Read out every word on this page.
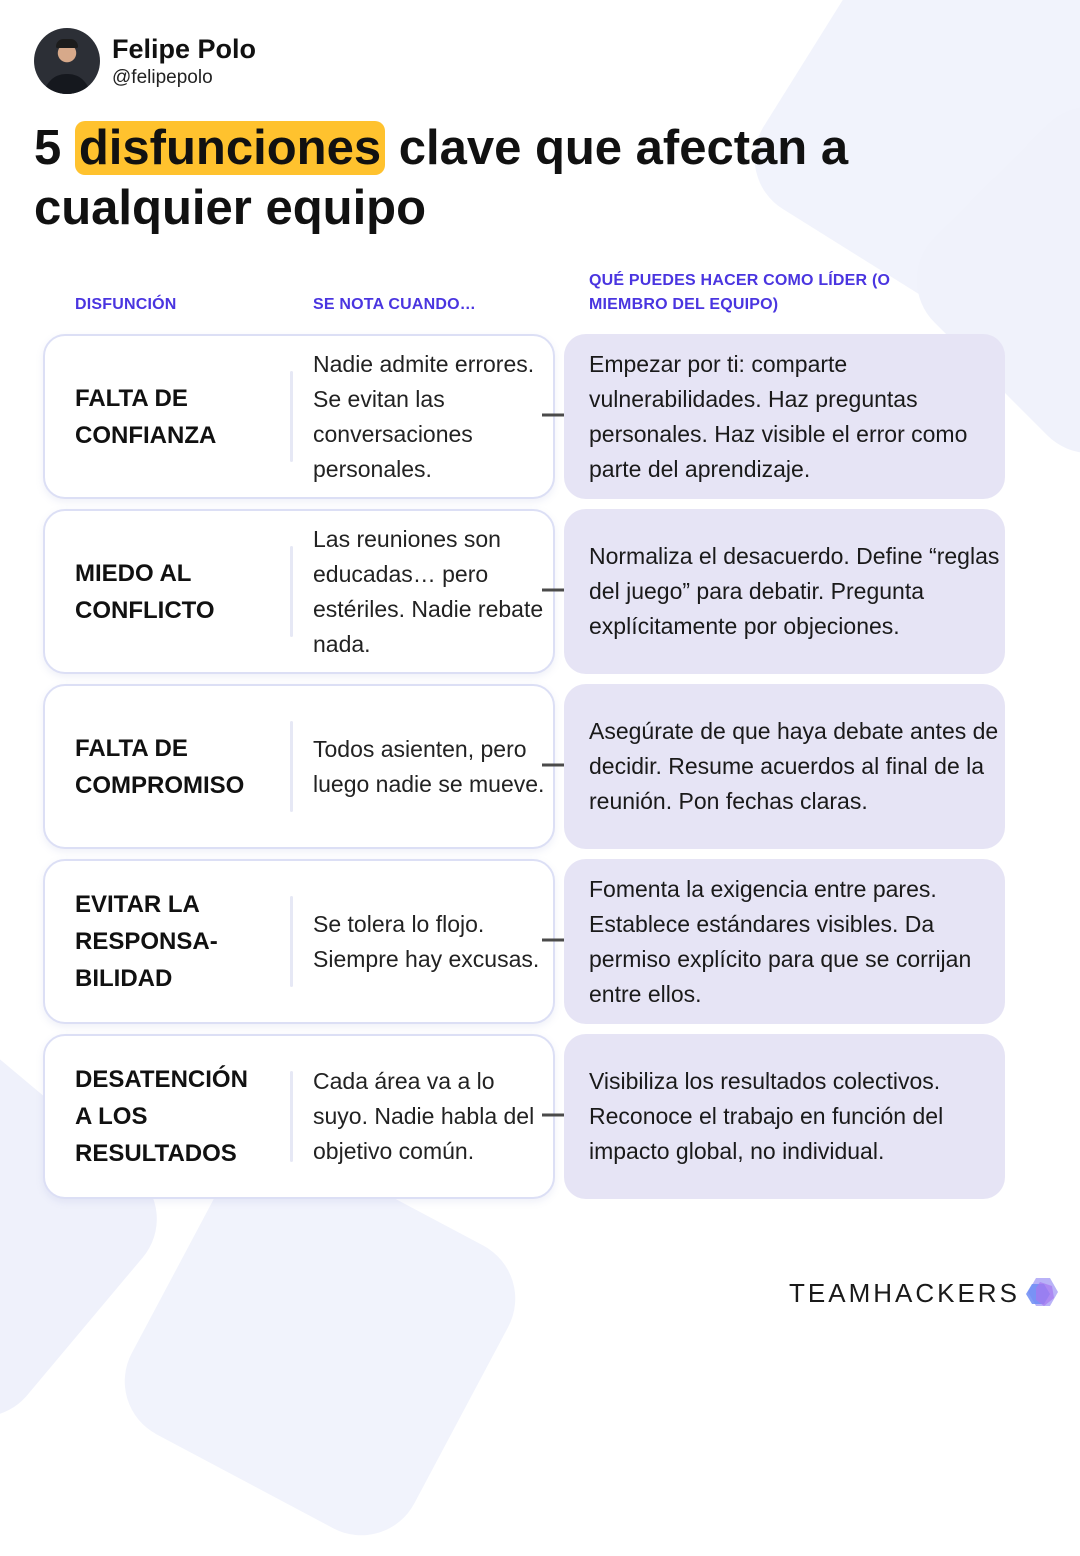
Felipe Polo
@felipepolo
5 disfunciones clave que afectan a cualquier equipo
DISFUNCIÓN	SE NOTA CUANDO…
QUÉ PUEDES HACER COMO LÍDER (O MIEMBRO DEL EQUIPO)
FALTA DE
CONFIANZA
Nadie admite errores. Se evitan las conversaciones personales.
Empezar por ti: comparte vulnerabilidades. Haz preguntas personales. Haz visible el error como parte del aprendizaje.
MIEDO AL
CONFLICTO
Las reuniones son educadas… pero estériles. Nadie rebate nada.
Normaliza el desacuerdo. Define “reglas del juego” para debatir. Pregunta explícitamente por objeciones.
FALTA DE
COMPROMISO
Todos asienten, pero luego nadie se mueve.
Asegúrate de que haya debate antes de decidir. Resume acuerdos al final de la reunión. Pon fechas claras.
EVITAR LA
RESPONSA-
BILIDAD
Se tolera lo flojo. Siempre hay excusas.
Fomenta la exigencia entre pares. Establece estándares visibles. Da permiso explícito para que se corrijan entre ellos.
DESATENCIÓN
A LOS
RESULTADOS
Cada área va a lo suyo. Nadie habla del objetivo común.
Visibiliza los resultados colectivos. Reconoce el trabajo en función del impacto global, no individual.
TEAMHACKERS
